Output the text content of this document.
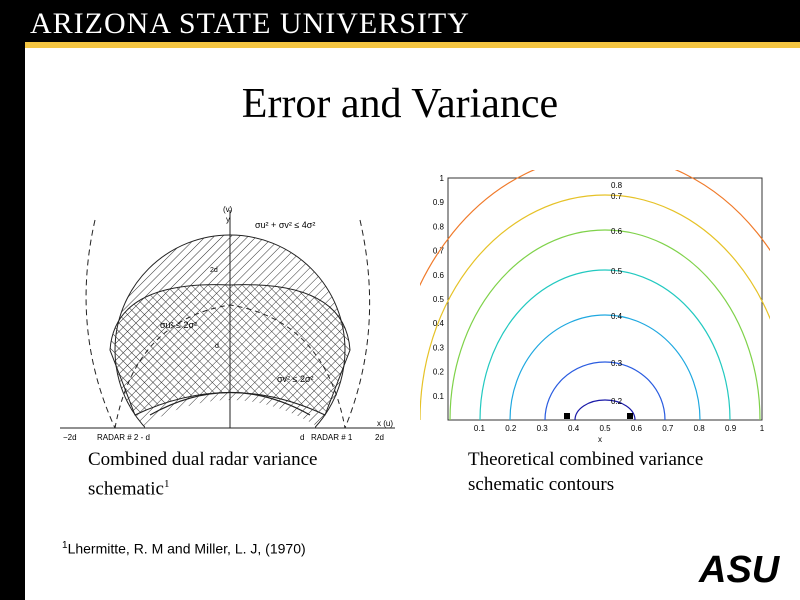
ARIZONA STATE UNIVERSITY
Error and Variance
(v)
y
2d
d
σu² + σv² ≤ 4σ²
σu² ≤ 2σ²
σv² ≤ 2σ²
−2d	RADAR # 2 - d	d RADAR # 1	2d
x (u)
Combined dual radar variance
schematic$^1$
0.1
0.2
0.3
0.4
0.5
0.6
0.7
0.8
0.9
1
0.1	0.2	0.3	0.4	0.5	0.6	0.7	0.8	0.9	1
0.2
0.3
0.4
0.5
0.6
0.7
0.8
x
Theoretical combined variance
schematic contours
$^1$Lhermitte, R. M and Miller, L. J, (1970)
ASU
